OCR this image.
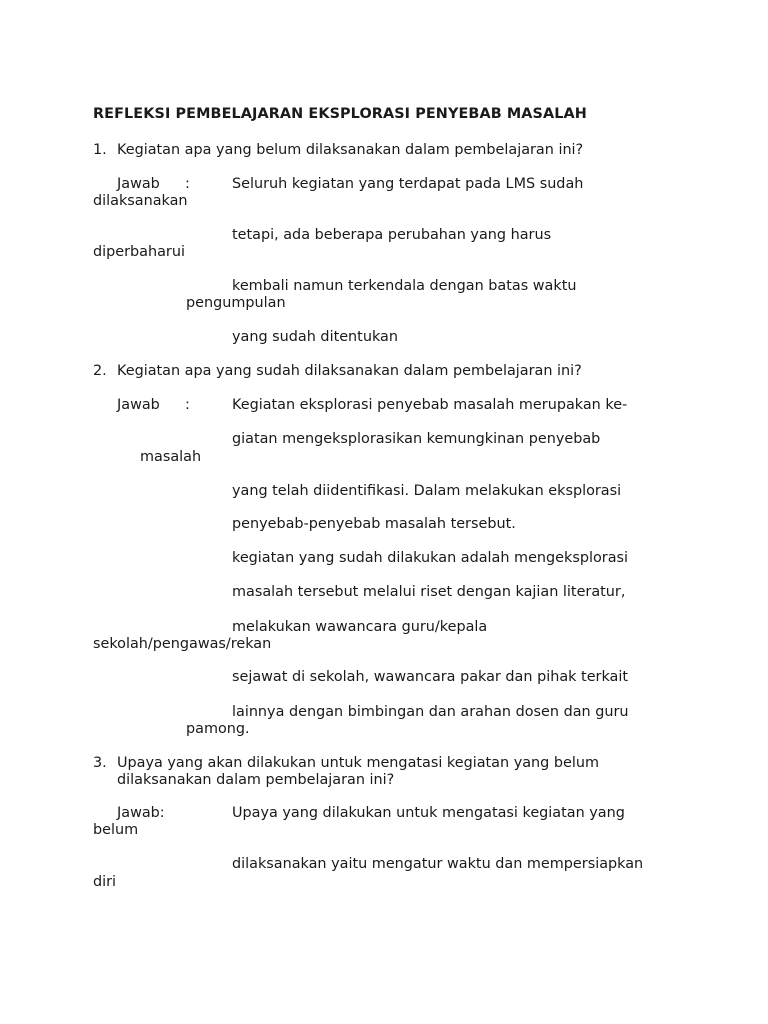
REFLEKSI PEMBELAJARAN EKSPLORASI PENYEBAB MASALAH
1. Kegiatan apa yang belum dilaksanakan dalam pembelajaran ini?
Jawab :	Seluruh kegiatan yang terdapat pada LMS sudah
dilaksanakan
tetapi, ada beberapa perubahan yang harus
diperbaharui
kembali namun terkendala dengan batas waktu
pengumpulan
yang sudah ditentukan
2. Kegiatan apa yang sudah dilaksanakan dalam pembelajaran ini?
Jawab :	Kegiatan eksplorasi penyebab masalah merupakan ke-
giatan mengeksplorasikan kemungkinan penyebab
masalah
yang telah diidentifikasi. Dalam melakukan eksplorasi
penyebab-penyebab masalah tersebut.
kegiatan yang sudah dilakukan adalah mengeksplorasi
masalah tersebut melalui riset dengan kajian literatur,
melakukan wawancara guru/kepala
sekolah/pengawas/rekan
sejawat di sekolah, wawancara pakar dan pihak terkait
lainnya dengan bimbingan dan arahan dosen dan guru
pamong.
3. Upaya yang akan dilakukan untuk mengatasi kegiatan yang belum
dilaksanakan dalam pembelajaran ini?
Jawab:	Upaya yang dilakukan untuk mengatasi kegiatan yang
belum
dilaksanakan yaitu mengatur waktu dan mempersiapkan
diri
